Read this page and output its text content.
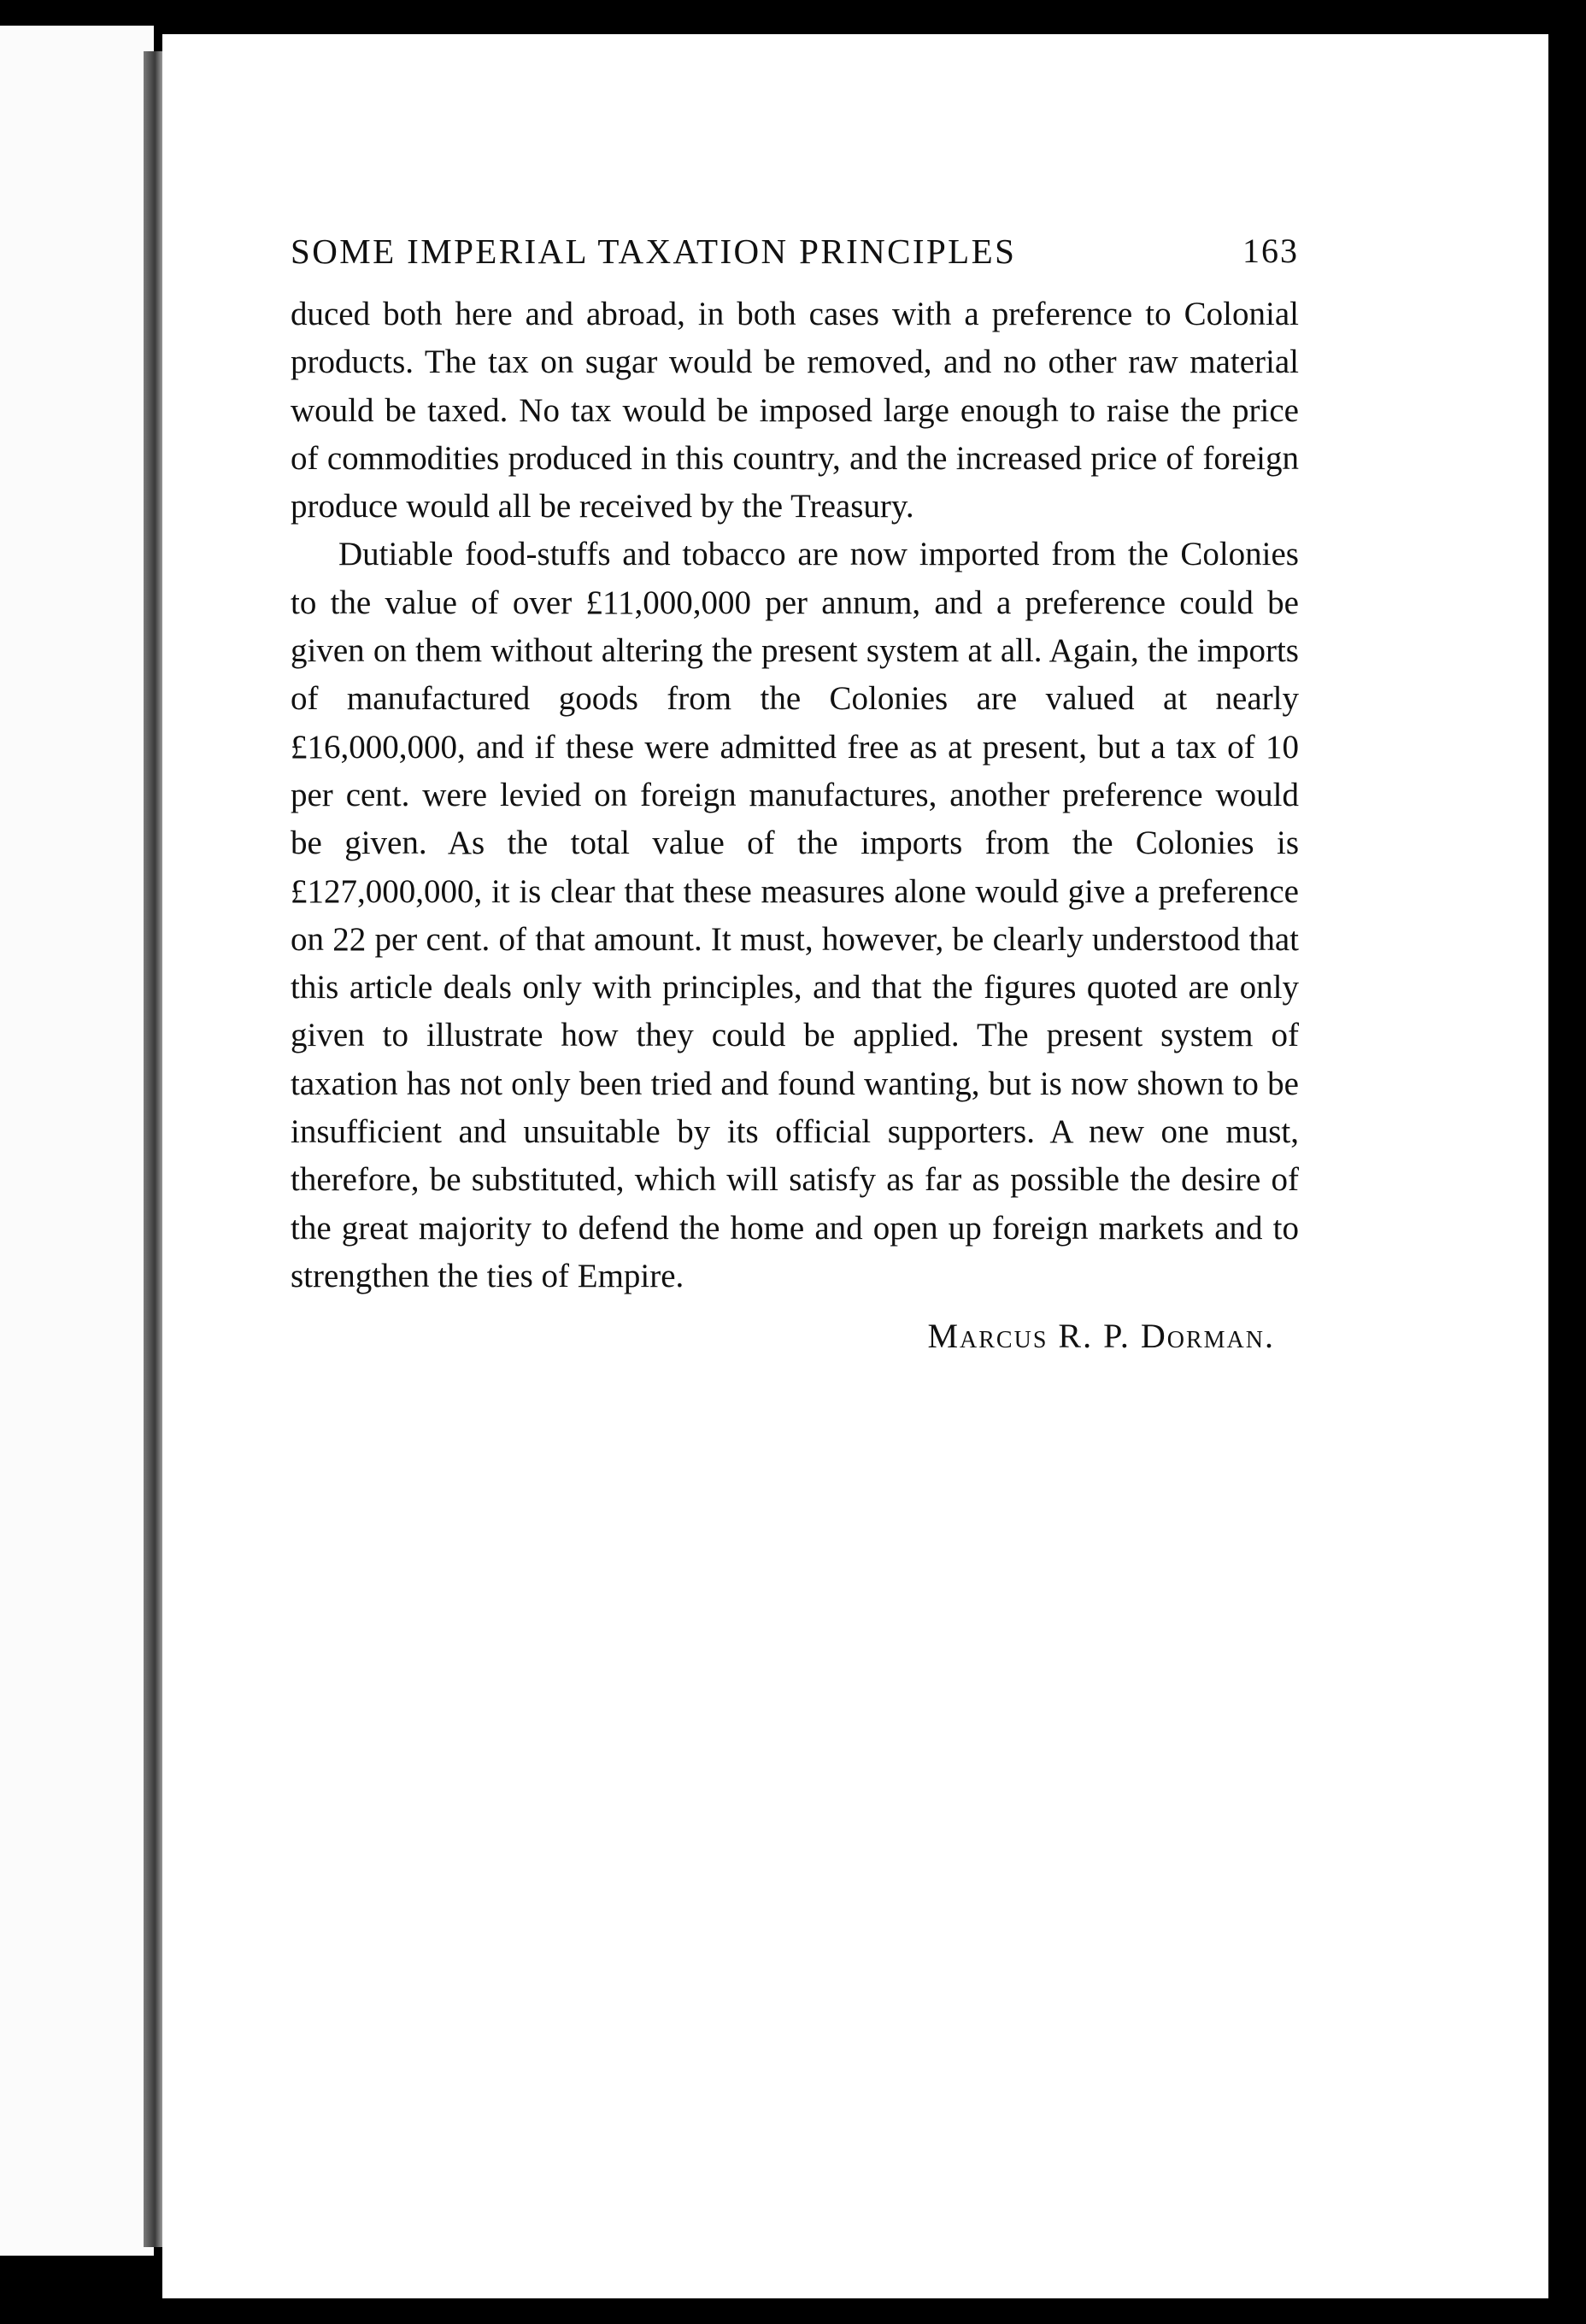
SOME IMPERIAL TAXATION PRINCIPLES	163

duced both here and abroad, in both cases with a preference to Colonial products. The tax on sugar would be removed, and no other raw material would be taxed. No tax would be imposed large enough to raise the price of commodities produced in this country, and the increased price of foreign produce would all be received by the Treasury.

Dutiable food-stuffs and tobacco are now imported from the Colonies to the value of over £11,000,000 per annum, and a preference could be given on them without altering the present system at all. Again, the imports of manufactured goods from the Colonies are valued at nearly £16,000,000, and if these were admitted free as at present, but a tax of 10 per cent. were levied on foreign manufactures, another preference would be given. As the total value of the imports from the Colonies is £127,000,000, it is clear that these measures alone would give a preference on 22 per cent. of that amount. It must, however, be clearly understood that this article deals only with principles, and that the figures quoted are only given to illustrate how they could be applied. The present system of taxation has not only been tried and found wanting, but is now shown to be insufficient and unsuitable by its official supporters. A new one must, therefore, be substituted, which will satisfy as far as possible the desire of the great majority to defend the home and open up foreign markets and to strengthen the ties of Empire.

Marcus R. P. Dorman.
